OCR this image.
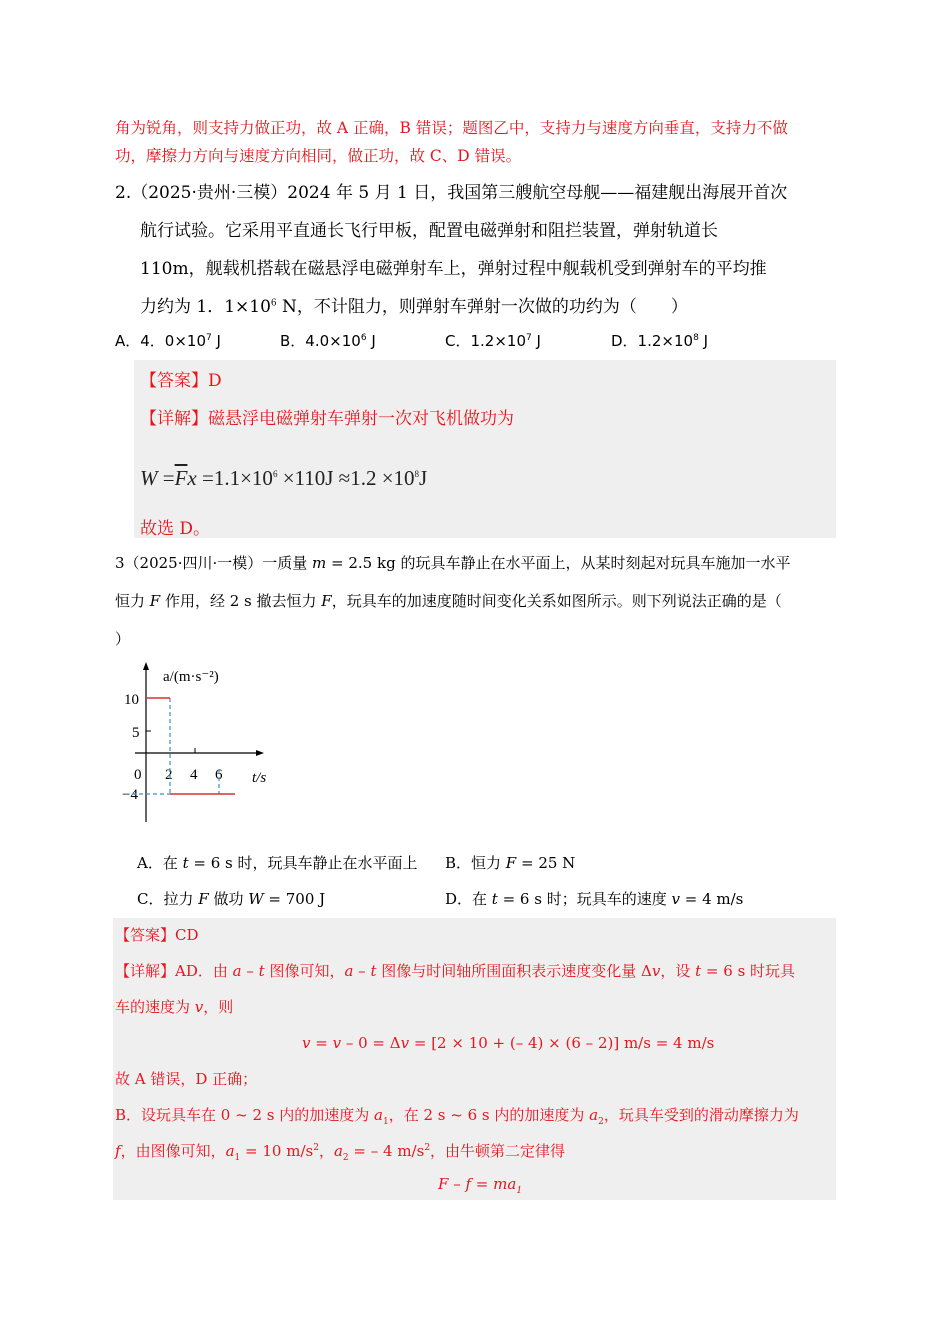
角为锐角，则支持力做正功，故 A 正确，B 错误；题图乙中，支持力与速度方向垂直，支持力不做
功，摩擦力方向与速度方向相同，做正功，故 C、D 错误。
2.（2025·贵州·三模）2024 年 5 月 1 日，我国第三艘航空母舰——福建舰出海展开首次
航行试验。它采用平直通长飞行甲板，配置电磁弹射和阻拦装置，弹射轨道长
110m，舰载机搭载在磁悬浮电磁弹射车上，弹射过程中舰载机受到弹射车的平均推
力约为 1．$1\times 10^6$ N，不计阻力，则弹射车弹射一次做的功约为（　　）
A．4．$0\times 10^7$ J	B．$4.0\times 10^6$ J	C．$1.2\times 10^7$ J	D．$1.2\times 10^8$ J
【答案】D
【详解】磁悬浮电磁弹射车弹射一次对飞机做功为
$W =\overline{F}x =1.1\times 10^6 \times 110J \approx 1.2 \times 10^8J$
故选 D。
3（2025·四川·一模）一质量 m = 2.5 kg 的玩具车静止在水平面上，从某时刻起对玩具车施加一水平
恒力 F 作用，经 2 s 撤去恒力 F，玩具车的加速度随时间变化关系如图所示。则下列说法正确的是（
）
a/(m·s⁻²)
t/s
10
5
−4
0 2 4 6
A．在 t = 6 s 时，玩具车静止在水平面上 B．恒力 F = 25 N
C．拉力 F 做功 W = 700 J	D．在 t = 6 s 时；玩具车的速度 v = 4 m/s
【答案】CD
【详解】AD．由 a – t 图像可知，a – t 图像与时间轴所围面积表示速度变化量 Δv，设 t = 6 s 时玩具
车的速度为 v，则
v = v – 0 = Δv = [2 × 10 + (– 4) × (6 – 2)] m/s = 4 m/s
故 A 错误，D 正确；
B．设玩具车在 0 ~ 2 s 内的加速度为 $a_1$，在 2 s ~ 6 s 内的加速度为 $a_2$，玩具车受到的滑动摩擦力为
f，由图像可知，$a_1 = 10$ $m/s^2$，$a_2$ = – 4 $m/s^2$，由牛顿第二定律得
$F - f = ma_1$
